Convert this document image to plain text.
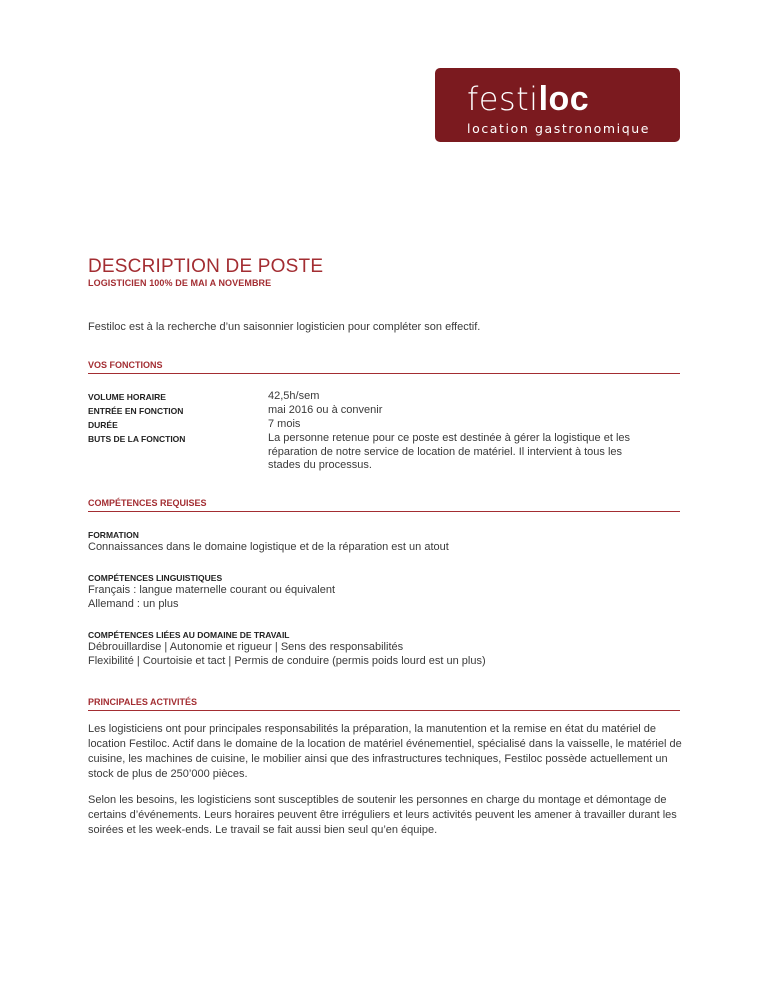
festiloc
location gastronomique
DESCRIPTION DE POSTE
LOGISTICIEN 100% DE MAI A NOVEMBRE
Festiloc est à la recherche d’un saisonnier logisticien pour compléter son effectif.
VOS FONCTIONS
VOLUME HORAIRE
ENTRÉE EN FONCTION
DURÉE
BUTS DE LA FONCTION
42,5h/sem
mai 2016 ou à convenir
7 mois
La personne retenue pour ce poste est destinée à gérer la logistique et les réparation de notre service de location de matériel. Il intervient à tous les stades du processus.
COMPÉTENCES REQUISES
FORMATION
Connaissances dans le domaine logistique et de la réparation est un atout
COMPÉTENCES LINGUISTIQUES
Français : langue maternelle courant ou équivalent
Allemand : un plus
COMPÉTENCES LIÉES AU DOMAINE DE TRAVAIL
Débrouillardise | Autonomie et rigueur | Sens des responsabilités
Flexibilité | Courtoisie et tact | Permis de conduire (permis poids lourd est un plus)
PRINCIPALES ACTIVITÉS
Les logisticiens ont pour principales responsabilités la préparation, la manutention et la remise en état du matériel de location Festiloc. Actif dans le domaine de la location de matériel événementiel, spécialisé dans la vaisselle, le matériel de cuisine, les machines de cuisine, le mobilier ainsi que des infrastructures techniques, Festiloc possède actuellement un stock de plus de 250’000 pièces.
Selon les besoins, les logisticiens sont susceptibles de soutenir les personnes en charge du montage et démontage de certains d’événements. Leurs horaires peuvent être irréguliers et leurs activités peuvent les amener à travailler durant les soirées et les week-ends. Le travail se fait aussi bien seul qu’en équipe.
